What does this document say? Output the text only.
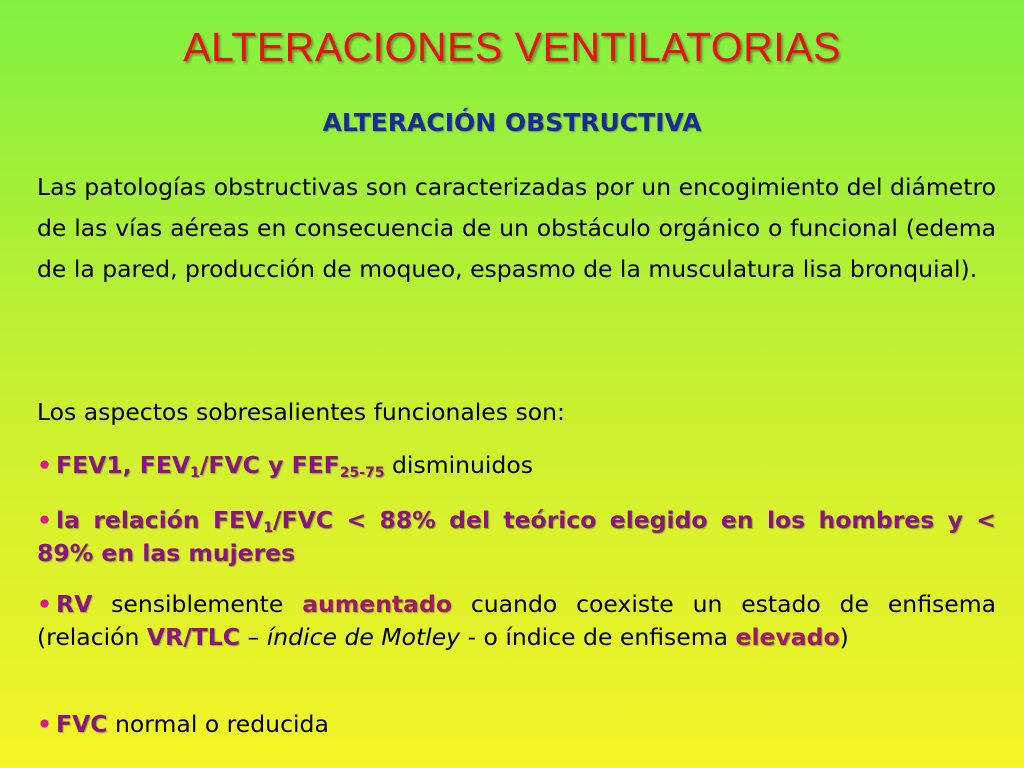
ALTERACIONES VENTILATORIAS
ALTERACIÓN OBSTRUCTIVA
Las patologías obstructivas son caracterizadas por un encogimiento del diámetro de las vías aéreas en consecuencia de un obstáculo orgánico o funcional (edema de la pared, producción de moqueo, espasmo de la musculatura lisa bronquial).
Los aspectos sobresalientes funcionales son:
• FEV1, $FEV_1$/FVC y $FEF_{25-75}$ disminuidos
• la relación $FEV_1$/FVC < 88% del teórico elegido en los hombres y < 89% en las mujeres
• RV sensiblemente aumentado cuando coexiste un estado de enfisema (relación VR/TLC – índice de Motley - o índice de enfisema elevado)
• FVC normal o reducida
